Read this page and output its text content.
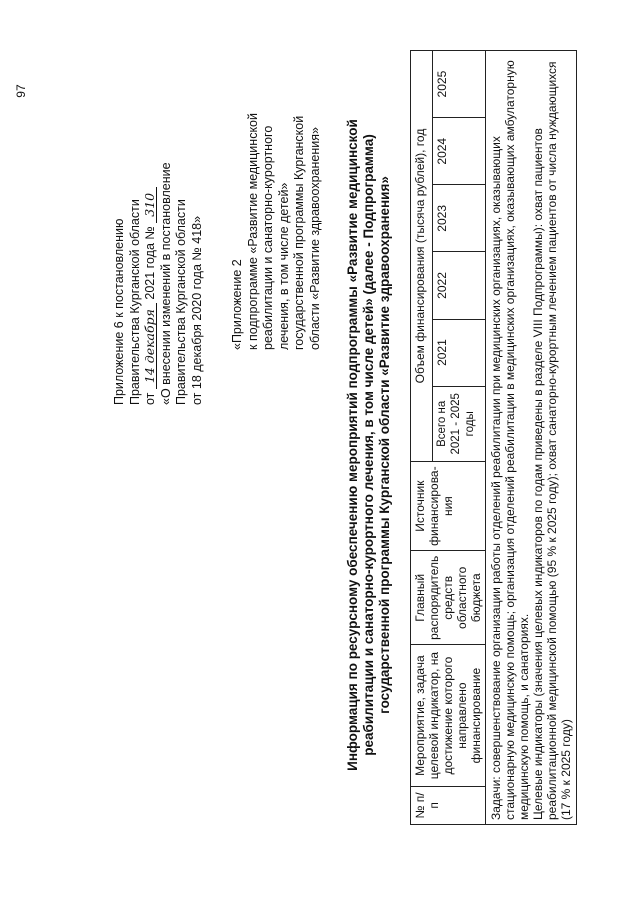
97
Приложение 6 к постановлению Правительства Курганской области от 14 декабря 2021 года № 310 «О внесении изменений в постановление Правительства Курганской области от 18 декабря 2020 года № 418» «Приложение 2 к подпрограмме «Развитие медицинской реабилитации и санаторно-курортного лечения, в том числе детей» государственной программы Курганской области «Развитие здравоохранения» Информация по ресурсному обеспечению мероприятий подпрограммы «Развитие медицинской реабилитации и санаторно-курортного лечения, в том числе детей» (далее - Подпрограмма) государственной программы Курганской области «Развитие здравоохранения»
№ п/п	Мероприятие, задача целевой индикатор, на достижение которого направлено финансирование	Главный распорядитель средств областного бюджета	Источник финансирова-ния	Объем финансирования (тысяча рублей), год					
				Всего на 2021 - 2025 годы	2021	2022	2023	2024	2025

Задачи: совершенствование организации работы отделений реабилитации при медицинских организациях, оказывающих стационарную медицинскую помощь; организация отделений реабилитации в медицинских организациях, оказывающих амбулаторную медицинскую помощь, и санаториях. Целевые индикаторы (значения целевых индикаторов по годам приведены в разделе VIII Подпрограммы): охват пациентов реабилитационной медицинской помощью (95 % к 2025 году); охват санаторно-курортным лечением пациентов от числа нуждающихся (17 % к 2025 году)									
